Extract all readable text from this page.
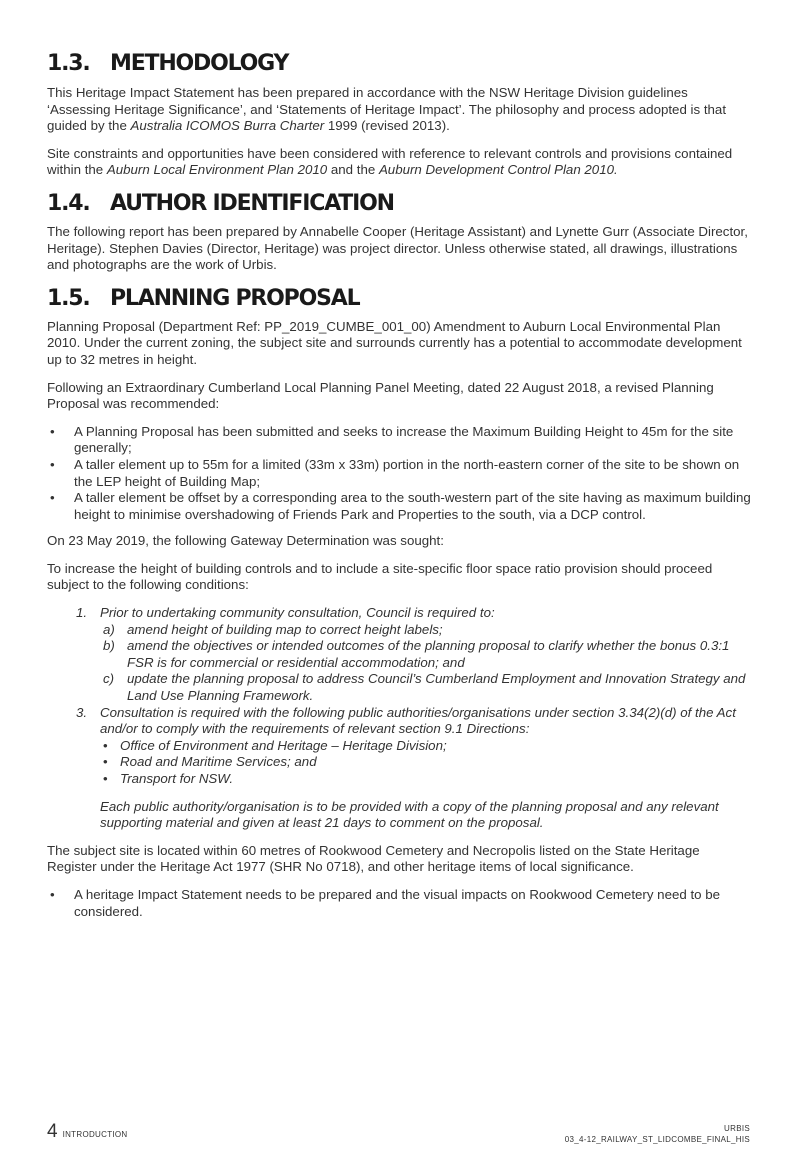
1.3. METHODOLOGY

This Heritage Impact Statement has been prepared in accordance with the NSW Heritage Division guidelines ‘Assessing Heritage Significance’, and ‘Statements of Heritage Impact’. The philosophy and process adopted is that guided by the Australia ICOMOS Burra Charter 1999 (revised 2013).

Site constraints and opportunities have been considered with reference to relevant controls and provisions contained within the Auburn Local Environment Plan 2010 and the Auburn Development Control Plan 2010.

1.4. AUTHOR IDENTIFICATION

The following report has been prepared by Annabelle Cooper (Heritage Assistant) and Lynette Gurr (Associate Director, Heritage). Stephen Davies (Director, Heritage) was project director. Unless otherwise stated, all drawings, illustrations and photographs are the work of Urbis.

1.5. PLANNING PROPOSAL

Planning Proposal (Department Ref: PP_2019_CUMBE_001_00) Amendment to Auburn Local Environmental Plan 2010. Under the current zoning, the subject site and surrounds currently has a potential to accommodate development up to 32 metres in height.

Following an Extraordinary Cumberland Local Planning Panel Meeting, dated 22 August 2018, a revised Planning Proposal was recommended:

• A Planning Proposal has been submitted and seeks to increase the Maximum Building Height to 45m for the site generally;
• A taller element up to 55m for a limited (33m x 33m) portion in the north-eastern corner of the site to be shown on the LEP height of Building Map;
• A taller element be offset by a corresponding area to the south-western part of the site having as maximum building height to minimise overshadowing of Friends Park and Properties to the south, via a DCP control.

On 23 May 2019, the following Gateway Determination was sought:

To increase the height of building controls and to include a site-specific floor space ratio provision should proceed subject to the following conditions:

1. Prior to undertaking community consultation, Council is required to:
a) amend height of building map to correct height labels;
b) amend the objectives or intended outcomes of the planning proposal to clarify whether the bonus 0.3:1 FSR is for commercial or residential accommodation; and
c) update the planning proposal to address Council’s Cumberland Employment and Innovation Strategy and Land Use Planning Framework.
3. Consultation is required with the following public authorities/organisations under section 3.34(2)(d) of the Act and/or to comply with the requirements of relevant section 9.1 Directions:
• Office of Environment and Heritage – Heritage Division;
• Road and Maritime Services; and
• Transport for NSW.
Each public authority/organisation is to be provided with a copy of the planning proposal and any relevant supporting material and given at least 21 days to comment on the proposal.

The subject site is located within 60 metres of Rookwood Cemetery and Necropolis listed on the State Heritage Register under the Heritage Act 1977 (SHR No 0718), and other heritage items of local significance.

• A heritage Impact Statement needs to be prepared and the visual impacts on Rookwood Cemetery need to be considered.
4 INTRODUCTION
URBIS
03_4-12_RAILWAY_ST_LIDCOMBE_FINAL_HIS
